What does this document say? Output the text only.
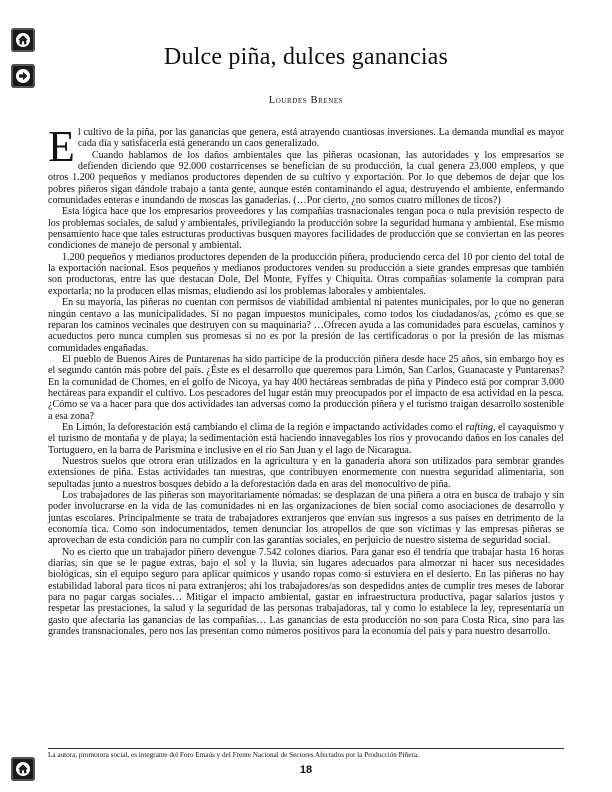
Dulce piña, dulces ganancias
Lourdes Brenes

El cultivo de la piña, por las ganancias que genera, está atrayendo cuantiosas inversiones. La demanda mundial es mayor cada día y satisfacerla está generando un caos generalizado.

Cuando hablamos de los daños ambientales que las piñeras ocasionan, las autoridades y los empresarios se defienden diciendo que 92.000 costarricenses se benefician de su producción, la cual genera 23.000 empleos, y que otros 1.200 pequeños y medianos productores dependen de su cultivo y exportación. Por lo que debemos de dejar que los pobres piñeros sigan dándole trabajo a tanta gente, aunque estén contaminando el agua, destruyendo el ambiente, enfermando comunidades enteras e inundando de moscas las ganaderías. (…Por cierto, ¿no somos cuatro millones de ticos?)

Esta lógica hace que los empresarios proveedores y las compañías trasnacionales tengan poca o nula previsión respecto de los problemas sociales, de salud y ambientales, privilegiando la producción sobre la seguridad humana y ambiental. Ese mismo pensamiento hace que tales estructuras productivas busquen mayores facilidades de producción que se conviertan en las peores condiciones de manejo de personal y ambiental.

1.200 pequeños y medianos productores dependen de la producción piñera, produciendo cerca del 10 por ciento del total de la exportación nacional. Esos pequeños y medianos productores venden su producción a siete grandes empresas que también son productoras, entre las que destacan Dole, Del Monte, Fyffes y Chiquita. Otras compañías solamente la compran para exportarla; no la producen ellas mismas, eludiendo así los problemas laborales y ambientales.

En su mayoría, las piñeras no cuentan con permisos de viabilidad ambiental ni patentes municipales, por lo que no generan ningún centavo a las municipalidades. Si no pagan impuestos municipales, como todos los ciudadanos/as, ¿cómo es que se reparan los caminos vecinales que destruyen con su maquinaria? …Ofrecen ayuda a las comunidades para escuelas, caminos y acueductos pero nunca cumplen sus promesas si no es por la presión de las certificadoras o por la presión de las mismas comunidades engañadas.

El pueblo de Buenos Aires de Puntarenas ha sido partícipe de la producción piñera desde hace 25 años, sin embargo hoy es el segundo cantón más pobre del país. ¿Éste es el desarrollo que queremos para Limón, San Carlos, Guanacaste y Puntarenas? En la comunidad de Chomes, en el golfo de Nicoya, ya hay 400 hectáreas sembradas de piña y Pindeco está por comprar 3.000 hectáreas para expandir el cultivo. Los pescadores del lugar están muy preocupados por el impacto de esa actividad en la pesca. ¿Cómo se va a hacer para que dos actividades tan adversas como la producción piñera y el turismo traigan desarrollo sostenible a esa zona?

En Limón, la deforestación está cambiando el clima de la región e impactando actividades como el rafting, el cayaquismo y el turismo de montaña y de playa; la sedimentación está haciendo innavegables los ríos y provocando daños en los canales del Tortuguero, en la barra de Parismina e inclusive en el río San Juan y el lago de Nicaragua.

Nuestros suelos que otrora eran utilizados en la agricultura y en la ganadería ahora son utilizados para sembrar grandes extensiones de piña. Estas actividades tan nuestras, que contribuyen enormemente con nuestra seguridad alimentaria, son sepultadas junto a nuestros bosques debido a la deforestación dada en aras del monocultivo de piña.

Los trabajadores de las piñeras son mayoritariamente nómadas: se desplazan de una piñera a otra en busca de trabajo y sin poder involucrarse en la vida de las comunidades ni en las organizaciones de bien social como asociaciones de desarrollo y juntas escolares. Principalmente se trata de trabajadores extranjeros que envían sus ingresos a sus países en detrimento de la economía tica. Como son indocumentados, temen denunciar los atropellos de que son víctimas y las empresas piñeras se aprovechan de esta condición para no cumplir con las garantías sociales, en perjuicio de nuestro sistema de seguridad social.

No es cierto que un trabajador piñero devengue 7.542 colones diarios. Para ganar eso él tendría que trabajar hasta 16 horas diarias, sin que se le pague extras, bajo el sol y la lluvia, sin lugares adecuados para almorzar ni hacer sus necesidades biológicas, sin el equipo seguro para aplicar químicos y usando ropas como si estuviera en el desierto. En las piñeras no hay estabilidad laboral para ticos ni para extranjeros; ahí los trabajadores/as son despedidos antes de cumplir tres meses de laborar para no pagar cargas sociales… Mitigar el impacto ambiental, gastar en infraestructura productiva, pagar salarios justos y respetar las prestaciones, la salud y la seguridad de las personas trabajadoras, tal y como lo establece la ley, representaría un gasto que afectaría las ganancias de las compañías… Las ganancias de esta producción no son para Costa Rica, sino para las grandes transnacionales, pero nos las presentan como números positivos para la economía del país y para nuestro desarrollo.

La autora, promotora social, es integrante del Foro Emaús y del Frente Nacional de Sectores Afectados por la Producción Piñera.
18
